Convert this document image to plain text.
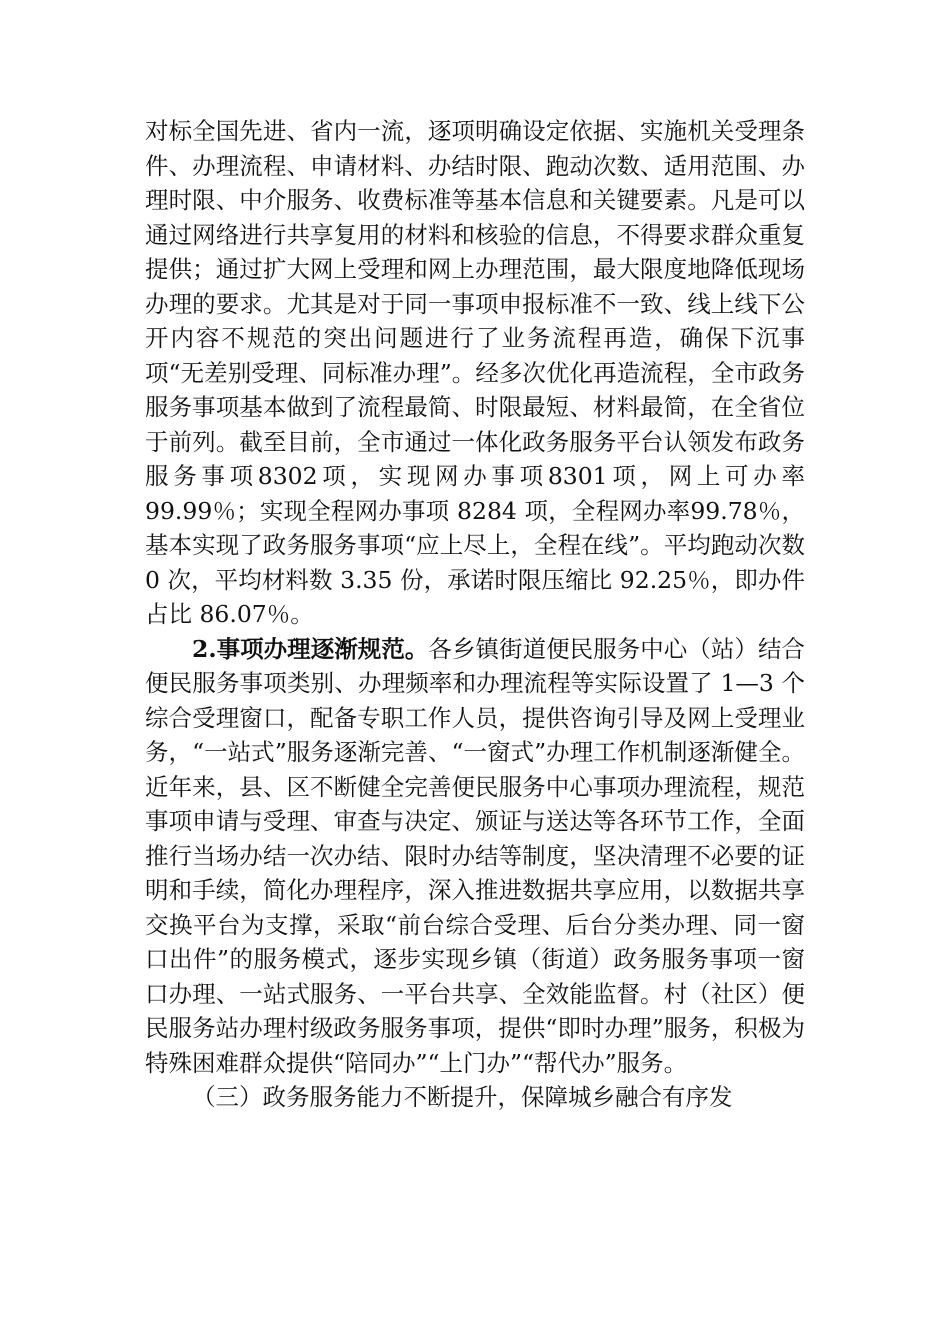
对标全国先进、省内一流，逐项明确设定依据、实施机关受理条件、办理流程、申请材料、办结时限、跑动次数、适用范围、办理时限、中介服务、收费标准等基本信息和关键要素。凡是可以通过网络进行共享复用的材料和核验的信息，不得要求群众重复提供；通过扩大网上受理和网上办理范围，最大限度地降低现场办理的要求。尤其是对于同一事项申报标准不一致、线上线下公开内容不规范的突出问题进行了业务流程再造，确保下沉事项“无差别受理、同标准办理”。经多次优化再造流程，全市政务服务事项基本做到了流程最简、时限最短、材料最简，在全省位于前列。截至目前，全市通过一体化政务服务平台认领发布政务服务事项8302项，实现网办事项8301项，网上可办率 99.99％；实现全程网办事项 8284 项，全程网办率99.78％，基本实现了政务服务事项“应上尽上，全程在线”。平均跑动次数 0 次，平均材料数 3.35 份，承诺时限压缩比 92.25％，即办件占比 86.07％。

2.事项办理逐渐规范。各乡镇街道便民服务中心（站）结合便民服务事项类别、办理频率和办理流程等实际设置了 1—3 个综合受理窗口，配备专职工作人员，提供咨询引导及网上受理业务，“一站式”服务逐渐完善、“一窗式”办理工作机制逐渐健全。近年来，县、区不断健全完善便民服务中心事项办理流程，规范事项申请与受理、审查与决定、颁证与送达等各环节工作，全面推行当场办结一次办结、限时办结等制度，坚决清理不必要的证明和手续，简化办理程序，深入推进数据共享应用，以数据共享交换平台为支撑，采取“前台综合受理、后台分类办理、同一窗口出件”的服务模式，逐步实现乡镇（街道）政务服务事项一窗口办理、一站式服务、一平台共享、全效能监督。村（社区）便民服务站办理村级政务服务事项，提供“即时办理”服务，积极为特殊困难群众提供“陪同办”“上门办”“帮代办”服务。

（三）政务服务能力不断提升，保障城乡融合有序发
